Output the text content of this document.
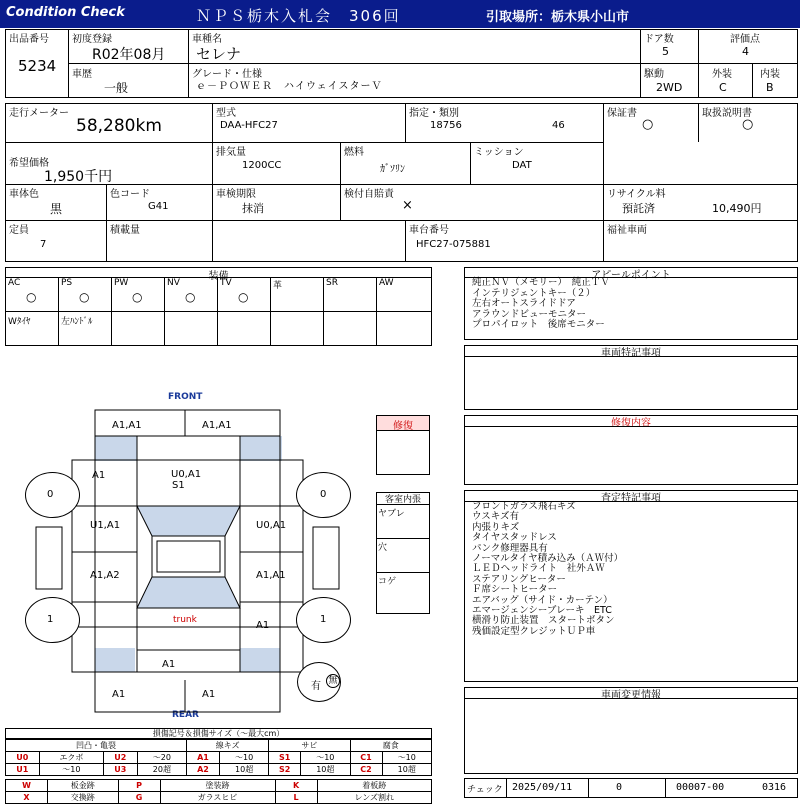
Condition Check	ＮＰＳ栃木入札会　306回	引取場所：栃木県小山市
出品番号
5234
初度登録
R02年08月
車種名
セレナ
ドア数
5
評価点
4
車歴
一般
グレード・仕様
ｅ－ＰＯＷＥＲ　ハイウェイスターＶ
駆動
2WD
外装
C
内装
B
走行メーター
58,280km
型式
DAA-HFC27
指定・類別
18756	46
保証書
○
取扱説明書
○
希望価格
1,950千円
排気量
1200CC
燃料
ｶﾞｿﾘﾝ
ミッション
DAT
車体色
黒
色コード
G41
車検期限
抹消
検付自賠責
×
リサイクル料
預託済	10,490円
定員
7
積載量	車台番号
HFC27-075881
福祉車両
装備
AC
○
PS
○
PW
○
NV
○
TV
○
革	SR	AW
Wﾀｲﾔ	左ﾊﾝﾄﾞﾙ
アピールポイント
純正ＮＶ（メモリー）　純正ＴＶ
インテリジェントキー（２）
左右オートスライドドア
アラウンドビューモニター
プロパイロット　後席モニター
車両特記事項
修復内容
査定特記事項
フロントガラス飛石キズ
ウスキズ有
内張りキズ
タイヤスタッドレス
パンク修理器具有
ノーマルタイヤ積み込み（ＡＷ付）
ＬＥＤヘッドライト　社外ＡＷ
ステアリングヒーター
Ｆ席シートヒーター
エアバッグ（サイド・カーテン）
エマージェンシーブレーキ　ETC
横滑り防止装置　スタートボタン
残価設定型クレジットＵＰ車
車両変更情報
FRONT
REAR
0	0
1	1
有 無
A1,A1	A1,A1
A1	U0,A1
S1
U1,A1	U0,A1
A1,A2	A1,A1
trunk	A1
A1
A1	A1
修復
客室内張
ヤブレ
穴
コゲ
損傷記号＆損傷サイズ（〜最大cm）
凹凸・亀裂				線キズ		サビ		腐食	
U0	エクボ	U2	〜20	A1	〜10	S1	〜10	C1	〜10
U1	〜10	U3	20超	A2	10超	S2	10超	C2	10超
W	板金跡	P	塗装跡	K	着板跡
X	交換跡	G	ガラスヒビ	L	レンズ割れ
チェック 2025/09/11	0	00007-00	0316
